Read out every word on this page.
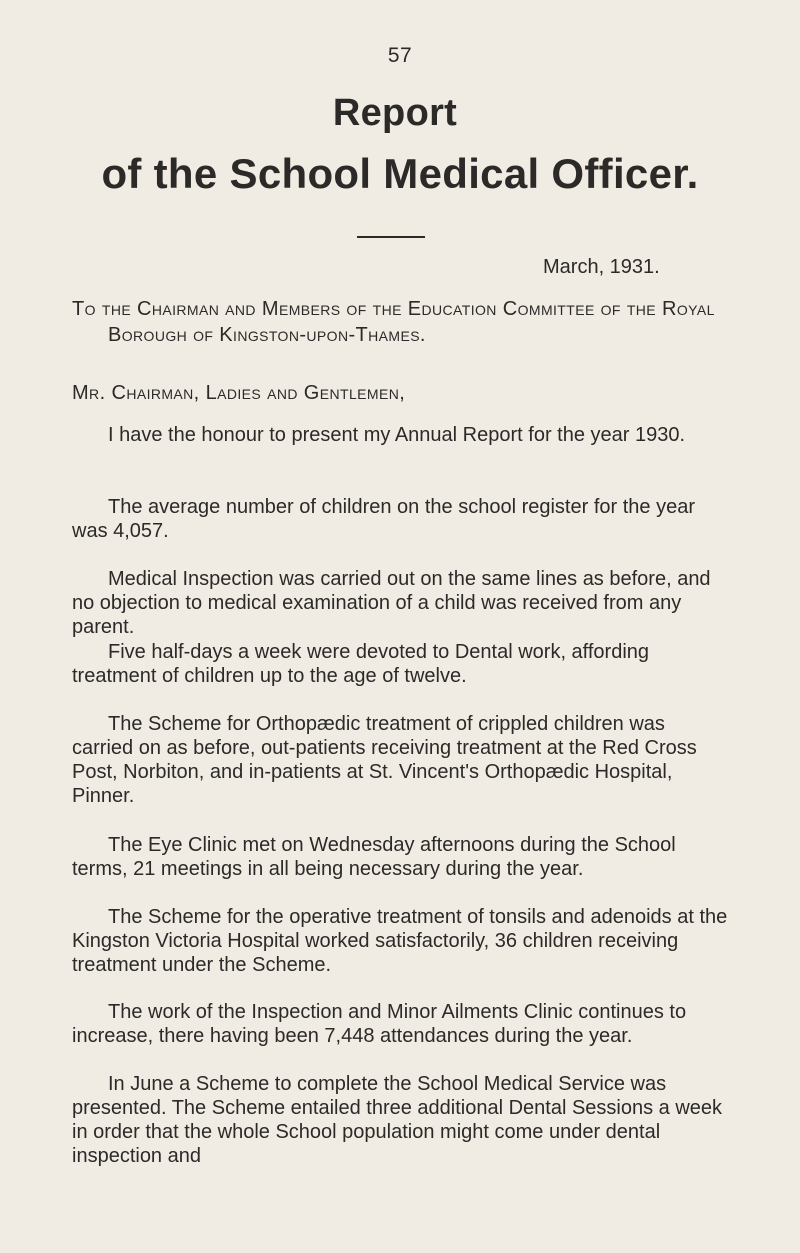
57
Report
of the School Medical Officer.
March, 1931.
To the Chairman and Members of the Education Committee of the Royal Borough of Kingston-upon-Thames.
Mr. Chairman, Ladies and Gentlemen,
I have the honour to present my Annual Report for the year 1930.
The average number of children on the school register for the year was 4,057.
Medical Inspection was carried out on the same lines as before, and no objection to medical examination of a child was received from any parent.
Five half-days a week were devoted to Dental work, affording treatment of children up to the age of twelve.
The Scheme for Orthopædic treatment of crippled children was carried on as before, out-patients receiving treatment at the Red Cross Post, Norbiton, and in-patients at St. Vincent's Orthopædic Hospital, Pinner.
The Eye Clinic met on Wednesday afternoons during the School terms, 21 meetings in all being necessary during the year.
The Scheme for the operative treatment of tonsils and adenoids at the Kingston Victoria Hospital worked satisfactorily, 36 children receiving treatment under the Scheme.
The work of the Inspection and Minor Ailments Clinic continues to increase, there having been 7,448 attendances during the year.
In June a Scheme to complete the School Medical Service was presented. The Scheme entailed three additional Dental Sessions a week in order that the whole School population might come under dental inspection and
